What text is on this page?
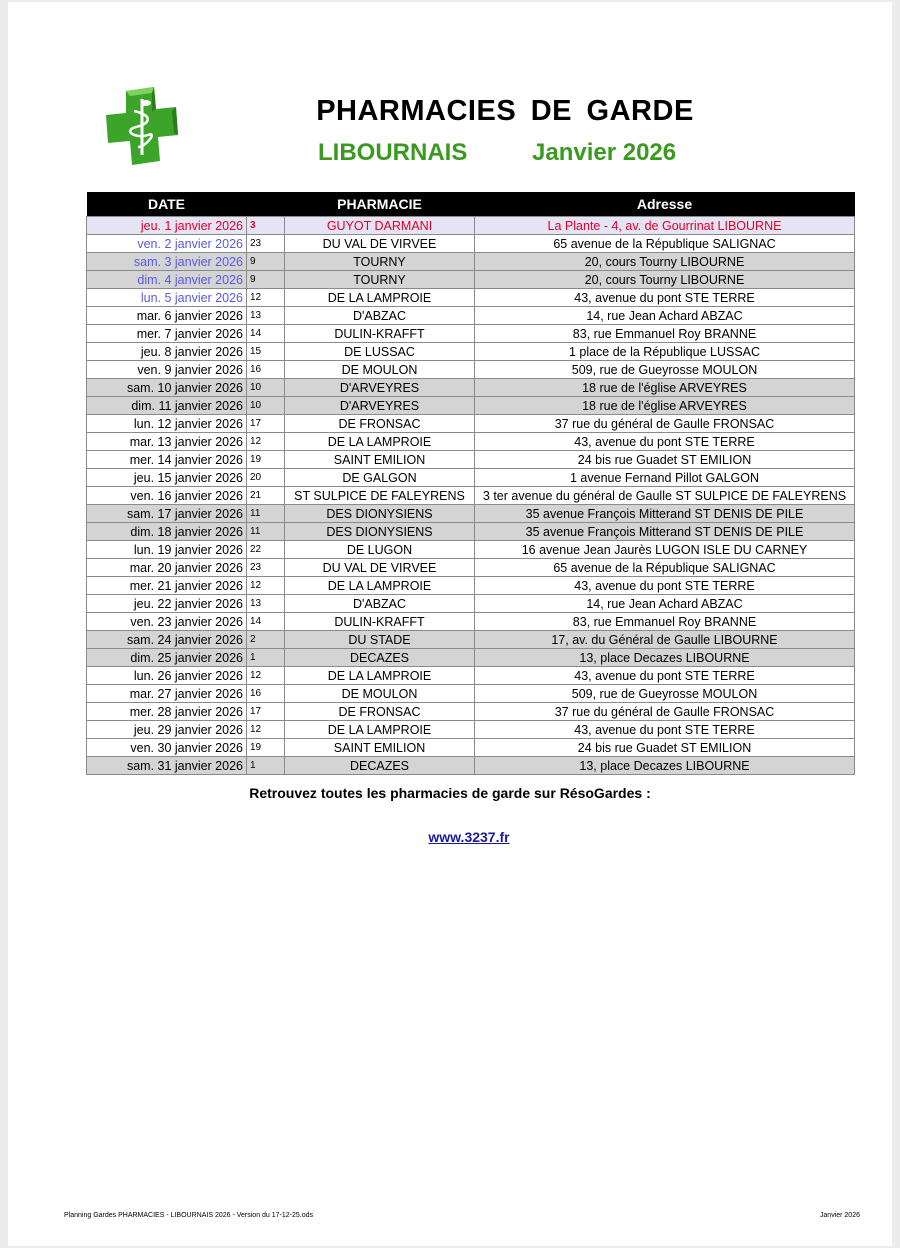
PHARMACIES DE GARDE
LIBOURNAIS	Janvier 2026
DATE		PHARMACIE	Adresse
jeu. 1 janvier 2026	3	GUYOT DARMANI	La Plante - 4, av. de Gourrinat LIBOURNE
ven. 2 janvier 2026	23	DU VAL DE VIRVEE	65 avenue de la République SALIGNAC
sam. 3 janvier 2026	9	TOURNY	20, cours Tourny LIBOURNE
dim. 4 janvier 2026	9	TOURNY	20, cours Tourny LIBOURNE
lun. 5 janvier 2026	12	DE LA LAMPROIE	43, avenue du pont STE TERRE
mar. 6 janvier 2026	13	D'ABZAC	14, rue Jean Achard ABZAC
mer. 7 janvier 2026	14	DULIN-KRAFFT	83, rue Emmanuel Roy BRANNE
jeu. 8 janvier 2026	15	DE LUSSAC	1 place de la République LUSSAC
ven. 9 janvier 2026	16	DE MOULON	509, rue de Gueyrosse MOULON
sam. 10 janvier 2026	10	D'ARVEYRES	18 rue de l'église ARVEYRES
dim. 11 janvier 2026	10	D'ARVEYRES	18 rue de l'église ARVEYRES
lun. 12 janvier 2026	17	DE FRONSAC	37 rue du général de Gaulle FRONSAC
mar. 13 janvier 2026	12	DE LA LAMPROIE	43, avenue du pont STE TERRE
mer. 14 janvier 2026	19	SAINT EMILION	24 bis rue Guadet ST EMILION
jeu. 15 janvier 2026	20	DE GALGON	1 avenue Fernand Pillot GALGON
ven. 16 janvier 2026	21	ST SULPICE DE FALEYRENS	3 ter avenue du général de Gaulle ST SULPICE DE FALEYRENS
sam. 17 janvier 2026	11	DES DIONYSIENS	35 avenue François Mitterand ST DENIS DE PILE
dim. 18 janvier 2026	11	DES DIONYSIENS	35 avenue François Mitterand ST DENIS DE PILE
lun. 19 janvier 2026	22	DE LUGON	16 avenue Jean Jaurès LUGON ISLE DU CARNEY
mar. 20 janvier 2026	23	DU VAL DE VIRVEE	65 avenue de la République SALIGNAC
mer. 21 janvier 2026	12	DE LA LAMPROIE	43, avenue du pont STE TERRE
jeu. 22 janvier 2026	13	D'ABZAC	14, rue Jean Achard ABZAC
ven. 23 janvier 2026	14	DULIN-KRAFFT	83, rue Emmanuel Roy BRANNE
sam. 24 janvier 2026	2	DU STADE	17, av. du Général de Gaulle LIBOURNE
dim. 25 janvier 2026	1	DECAZES	13, place Decazes LIBOURNE
lun. 26 janvier 2026	12	DE LA LAMPROIE	43, avenue du pont STE TERRE
mar. 27 janvier 2026	16	DE MOULON	509, rue de Gueyrosse MOULON
mer. 28 janvier 2026	17	DE FRONSAC	37 rue du général de Gaulle FRONSAC
jeu. 29 janvier 2026	12	DE LA LAMPROIE	43, avenue du pont STE TERRE
ven. 30 janvier 2026	19	SAINT EMILION	24 bis rue Guadet ST EMILION
sam. 31 janvier 2026	1	DECAZES	13, place Decazes LIBOURNE
Retrouvez toutes les pharmacies de garde sur RésoGardes :
www.3237.fr
Planning Gardes PHARMACIES - LIBOURNAIS 2026 - Version du 17-12-25.ods	Janvier 2026
